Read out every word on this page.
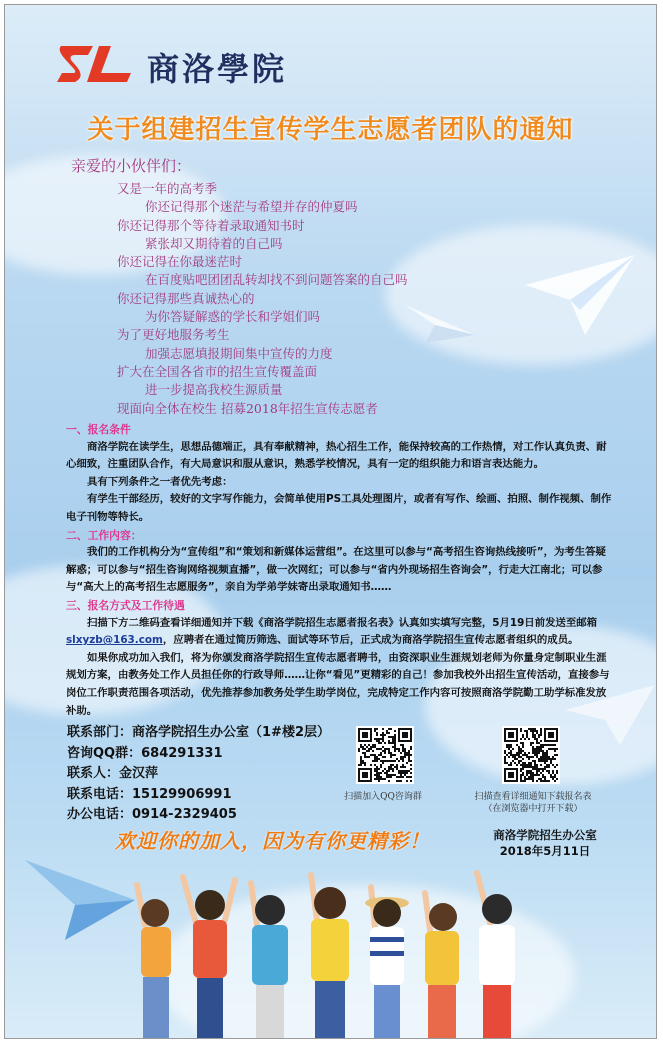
商洛學院
关于组建招生宣传学生志愿者团队的通知
亲爱的小伙伴们：
又是一年的高考季
你还记得那个迷茫与希望并存的仲夏吗
你还记得那个等待着录取通知书时
紧张却又期待着的自己吗
你还记得在你最迷茫时
在百度贴吧团团乱转却找不到问题答案的自己吗
你还记得那些真诚热心的
为你答疑解惑的学长和学姐们吗
为了更好地服务考生
加强志愿填报期间集中宣传的力度
扩大在全国各省市的招生宣传覆盖面
进一步提高我校生源质量
现面向全体在校生 招募2018年招生宣传志愿者

一、报名条件

商洛学院在读学生，思想品德端正，具有奉献精神，热心招生工作，能保持较高的工作热情，对工作认真负责、耐心细致，注重团队合作，有大局意识和服从意识，熟悉学校情况，具有一定的组织能力和语言表达能力。

具有下列条件之一者优先考虑：

有学生干部经历，较好的文字写作能力，会简单使用PS工具处理图片，或者有写作、绘画、拍照、制作视频、制作电子刊物等特长。

二、工作内容：

我们的工作机构分为“宣传组”和“策划和新媒体运营组”。在这里可以参与“高考招生咨询热线接听”，为考生答疑解惑；可以参与“招生咨询网络视频直播”，做一次网红；可以参与“省内外现场招生咨询会”，行走大江南北；可以参与“高大上的高考招生志愿服务”，亲自为学弟学妹寄出录取通知书……

三、报名方式及工作待遇

扫描下方二维码查看详细通知并下载《商洛学院招生志愿者报名表》认真如实填写完整，5月19日前发送至邮箱slxyzb@163.com，应聘者在通过简历筛选、面试等环节后，正式成为商洛学院招生宣传志愿者组织的成员。

如果你成功加入我们，将为你颁发商洛学院招生宣传志愿者聘书，由资深职业生涯规划老师为你量身定制职业生涯规划方案，由教务处工作人员担任你的行政导师……让你“看见”更精彩的自己！参加我校外出招生宣传活动，直接参与岗位工作职责范围各项活动，优先推荐参加教务处学生助学岗位，完成特定工作内容可按照商洛学院勤工助学标准发放补助。

联系部门：商洛学院招生办公室（1#楼2层）
咨询QQ群：684291331
联系人：金汉萍
联系电话：15129906991
办公电话：0914-2329405
扫描加入QQ咨询群	扫描查看详细通知下载报名表
（在浏览器中打开下载）
欢迎你的加入，因为有你更精彩！	商洛学院招生办公室
2018年5月11日
